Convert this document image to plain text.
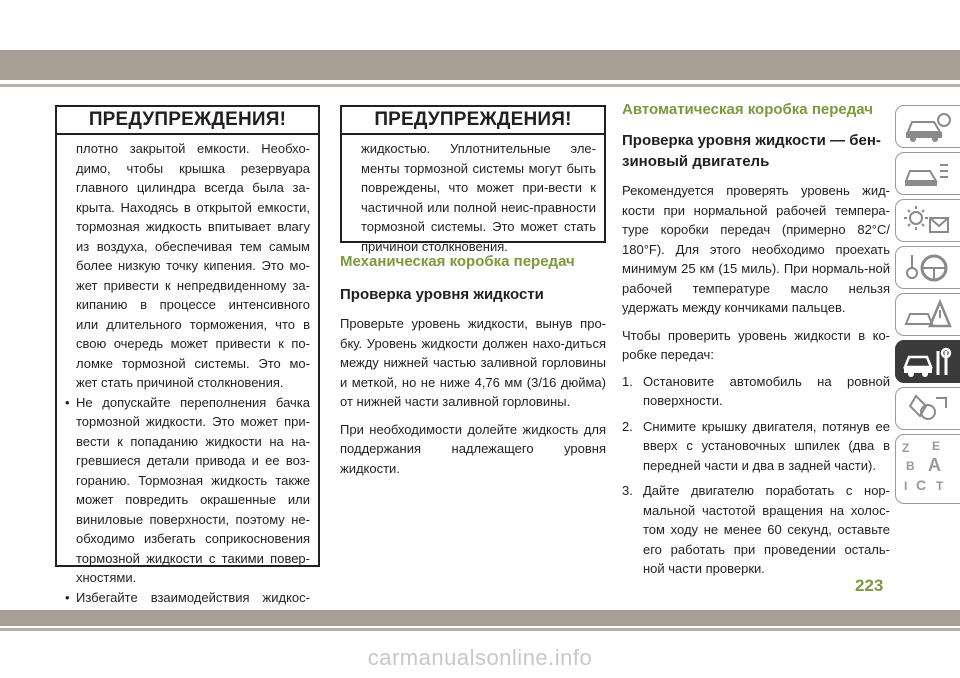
ПРЕДУПРЕЖДЕНИЯ!
плотно закрытой емкости. Необхо-
димо, чтобы крышка резервуара
главного цилиндра всегда была за-
крыта. Находясь в открытой емкости,
тормозная жидкость впитывает влагу
из воздуха, обеспечивая тем самым
более низкую точку кипения. Это мо-
жет привести к непредвиденному за-
кипанию в процессе интенсивного
или длительного торможения, что в
свою очередь может привести к по-
ломке тормозной системы. Это мо-
жет стать причиной столкновения.
• Не допускайте переполнения бачка тормозной жидкости. Это может при-вести к попаданию жидкости на на-гревшиеся детали привода и ее воз-горанию. Тормозная жидкость также может повредить окрашенные или виниловые поверхности, поэтому не-обходимо избегать соприкосновения тормозной жидкости с такими повер-хностями.
• Избегайте взаимодействия жидкос-
ПРЕДУПРЕЖДЕНИЯ!
жидкостью. Уплотнительные эле-менты тормозной системы могут быть повреждены, что может при-вести к частичной или полной неис-правности тормозной системы. Это может стать причиной столкновения.
Механическая коробка передач
Проверка уровня жидкости
Проверьте уровень жидкости, вынув про-бку. Уровень жидкости должен нахо-диться между нижней частью заливной горловины и меткой, но не ниже 4,76 мм (3/16 дюйма) от нижней части заливной горловины.
При необходимости долейте жидкость для поддержания надлежащего уровня жидкости.
Автоматическая коробка передач
Проверка уровня жидкости — бен-зиновый двигатель
Рекомендуется проверять уровень жид-кости при нормальной рабочей темпера-туре коробки передач (примерно 82°C/ 180°F). Для этого необходимо проехать минимум 25 км (15 миль). При нормаль-ной рабочей температуре масло нельзя удержать между кончиками пальцев.
Чтобы проверить уровень жидкости в ко-робке передач:
1. Остановите автомобиль на ровной поверхности.
2. Снимите крышку двигателя, потянув ее вверх с установочных шпилек (два в передней части и два в задней части).
3. Дайте двигателю поработать с нор-мальной частотой вращения на холос-том ходу не менее 60 секунд, оставьте его работать при проведении осталь-ной части проверки.
Z E
B A
I C T
223
carmanualsonline.info
